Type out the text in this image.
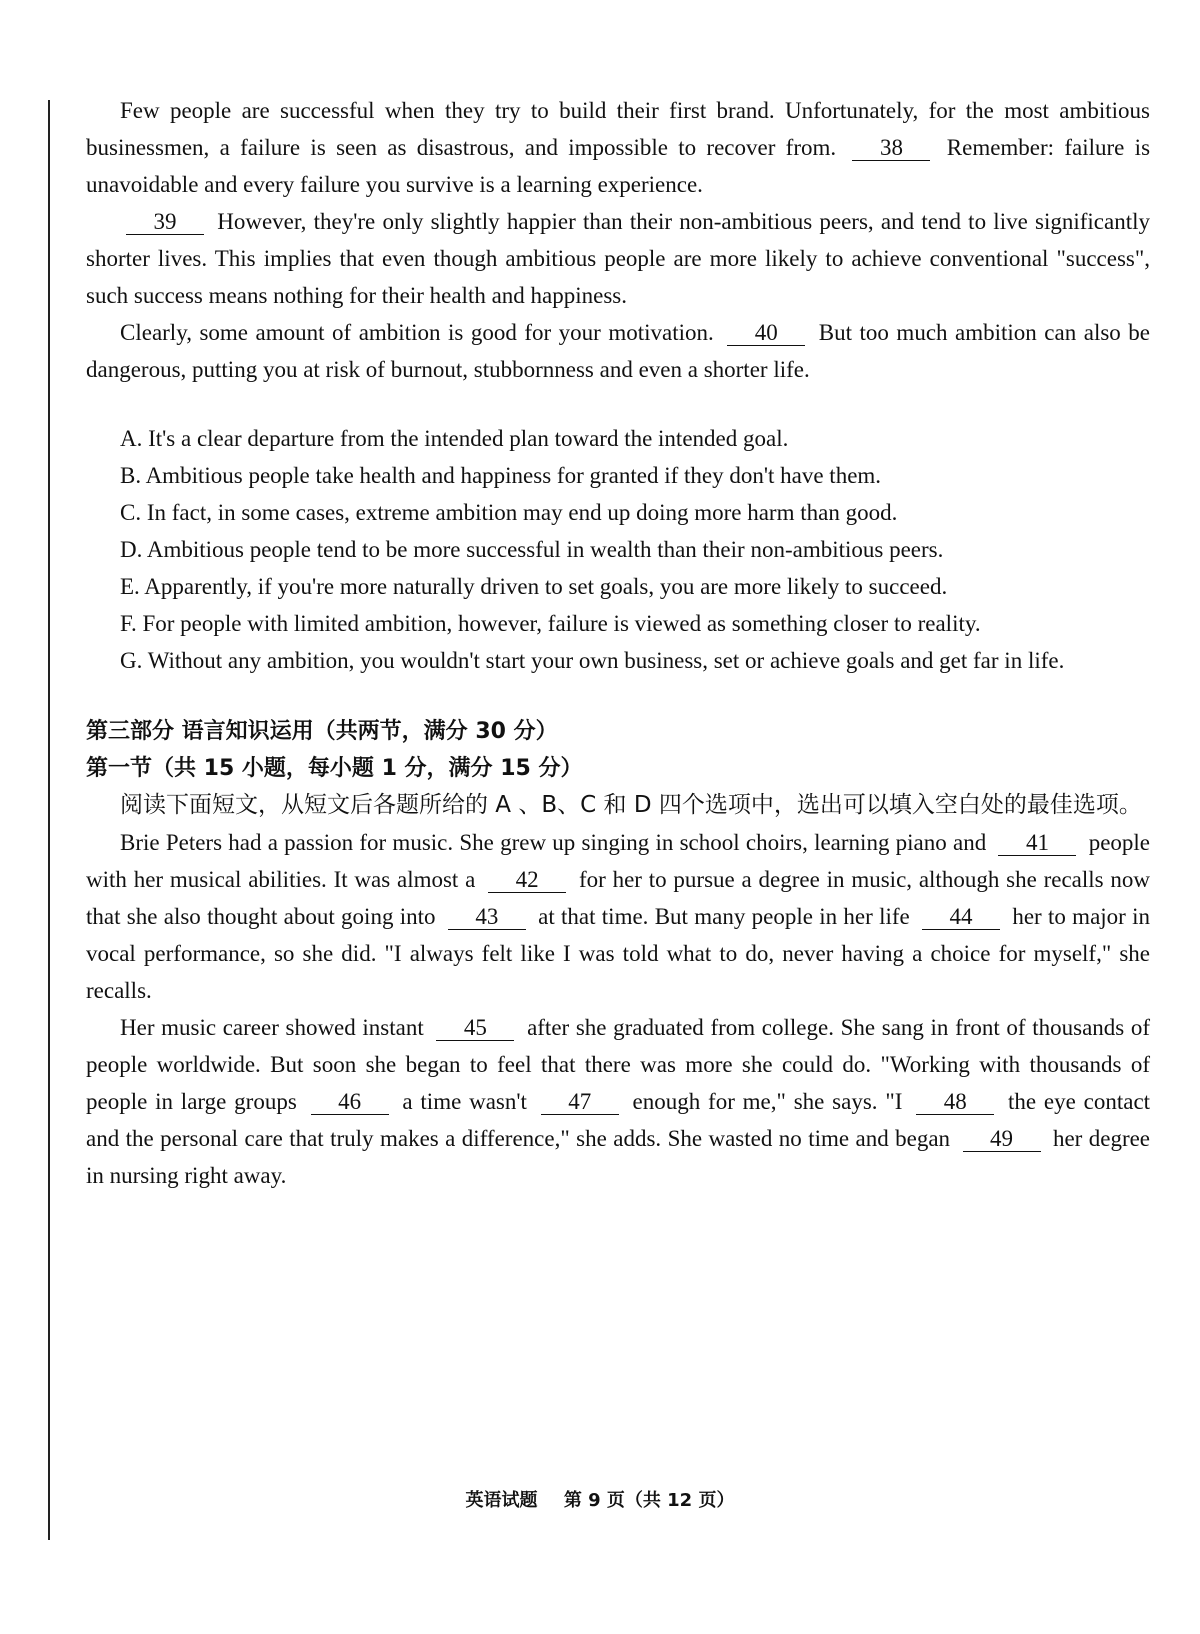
Few people are successful when they try to build their first brand. Unfortunately, for the most ambitious businessmen, a failure is seen as disastrous, and impossible to recover from. 38 Remember: failure is unavoidable and every failure you survive is a learning experience.

39 However, they're only slightly happier than their non-ambitious peers, and tend to live significantly shorter lives. This implies that even though ambitious people are more likely to achieve conventional "success", such success means nothing for their health and happiness.

Clearly, some amount of ambition is good for your motivation. 40 But too much ambition can also be dangerous, putting you at risk of burnout, stubbornness and even a shorter life.

A. It's a clear departure from the intended plan toward the intended goal.

B. Ambitious people take health and happiness for granted if they don't have them.

C. In fact, in some cases, extreme ambition may end up doing more harm than good.

D. Ambitious people tend to be more successful in wealth than their non-ambitious peers.

E. Apparently, if you're more naturally driven to set goals, you are more likely to succeed.

F. For people with limited ambition, however, failure is viewed as something closer to reality.

G. Without any ambition, you wouldn't start your own business, set or achieve goals and get far in life.

第三部分 语言知识运用（共两节，满分 30 分）

第一节（共 15 小题，每小题 1 分，满分 15 分）

阅读下面短文，从短文后各题所给的 A 、B、C 和 D 四个选项中，选出可以填入空白处的最佳选项。

Brie Peters had a passion for music. She grew up singing in school choirs, learning piano and 41 people with her musical abilities. It was almost a 42 for her to pursue a degree in music, although she recalls now that she also thought about going into 43 at that time. But many people in her life 44 her to major in vocal performance, so she did. "I always felt like I was told what to do, never having a choice for myself," she recalls.

Her music career showed instant 45 after she graduated from college. She sang in front of thousands of people worldwide. But soon she began to feel that there was more she could do. "Working with thousands of people in large groups 46 a time wasn't 47 enough for me," she says. "I 48 the eye contact and the personal care that truly makes a difference," she adds. She wasted no time and began 49 her degree in nursing right away.

英语试题 第 9 页（共 12 页）
